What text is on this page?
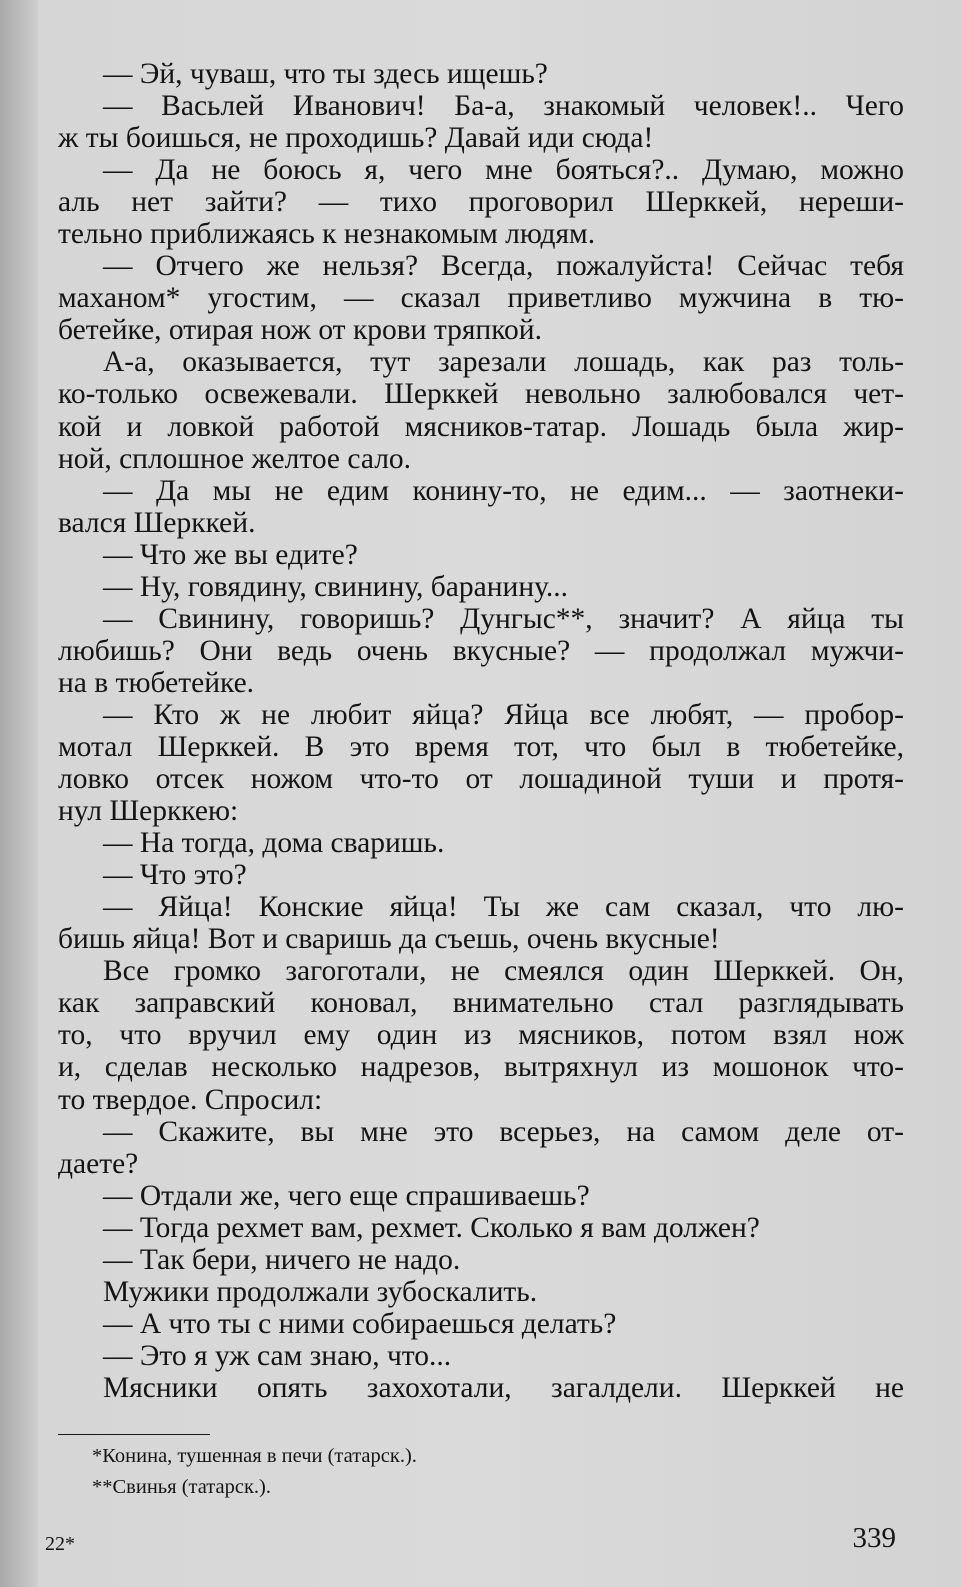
— Эй, чуваш, что ты здесь ищешь?
— Васьлей Иванович! Ба-а, знакомый человек!.. Чего
ж ты боишься, не проходишь? Давай иди сюда!
— Да не боюсь я, чего мне бояться?.. Думаю, можно
аль нет зайти? — тихо проговорил Шерккей, нереши-
тельно приближаясь к незнакомым людям.
— Отчего же нельзя? Всегда, пожалуйста! Сейчас тебя
маханом* угостим, — сказал приветливо мужчина в тю-
бетейке, отирая нож от крови тряпкой.
А-а, оказывается, тут зарезали лошадь, как раз толь-
ко-только освежевали. Шерккей невольно залюбовался чет-
кой и ловкой работой мясников-татар. Лошадь была жир-
ной, сплошное желтое сало.
— Да мы не едим конину-то, не едим... — заотнеки-
вался Шерккей.
— Что же вы едите?
— Ну, говядину, свинину, баранину...
— Свинину, говоришь? Дунгыс**, значит? А яйца ты
любишь? Они ведь очень вкусные? — продолжал мужчи-
на в тюбетейке.
— Кто ж не любит яйца? Яйца все любят, — пробор-
мотал Шерккей. В это время тот, что был в тюбетейке,
ловко отсек ножом что-то от лошадиной туши и протя-
нул Шерккею:
— На тогда, дома сваришь.
— Что это?
— Яйца! Конские яйца! Ты же сам сказал, что лю-
бишь яйца! Вот и сваришь да съешь, очень вкусные!
Все громко загоготали, не смеялся один Шерккей. Он,
как заправский коновал, внимательно стал разглядывать
то, что вручил ему один из мясников, потом взял нож
и, сделав несколько надрезов, вытряхнул из мошонок что-
то твердое. Спросил:
— Скажите, вы мне это всерьез, на самом деле от-
даете?
— Отдали же, чего еще спрашиваешь?
— Тогда рехмет вам, рехмет. Сколько я вам должен?
— Так бери, ничего не надо.
Мужики продолжали зубоскалить.
— А что ты с ними собираешься делать?
— Это я уж сам знаю, что...
Мясники опять захохотали, загалдели. Шерккей не
*Конина, тушенная в печи (татарск.).
**Свинья (татарск.).
22*	339
